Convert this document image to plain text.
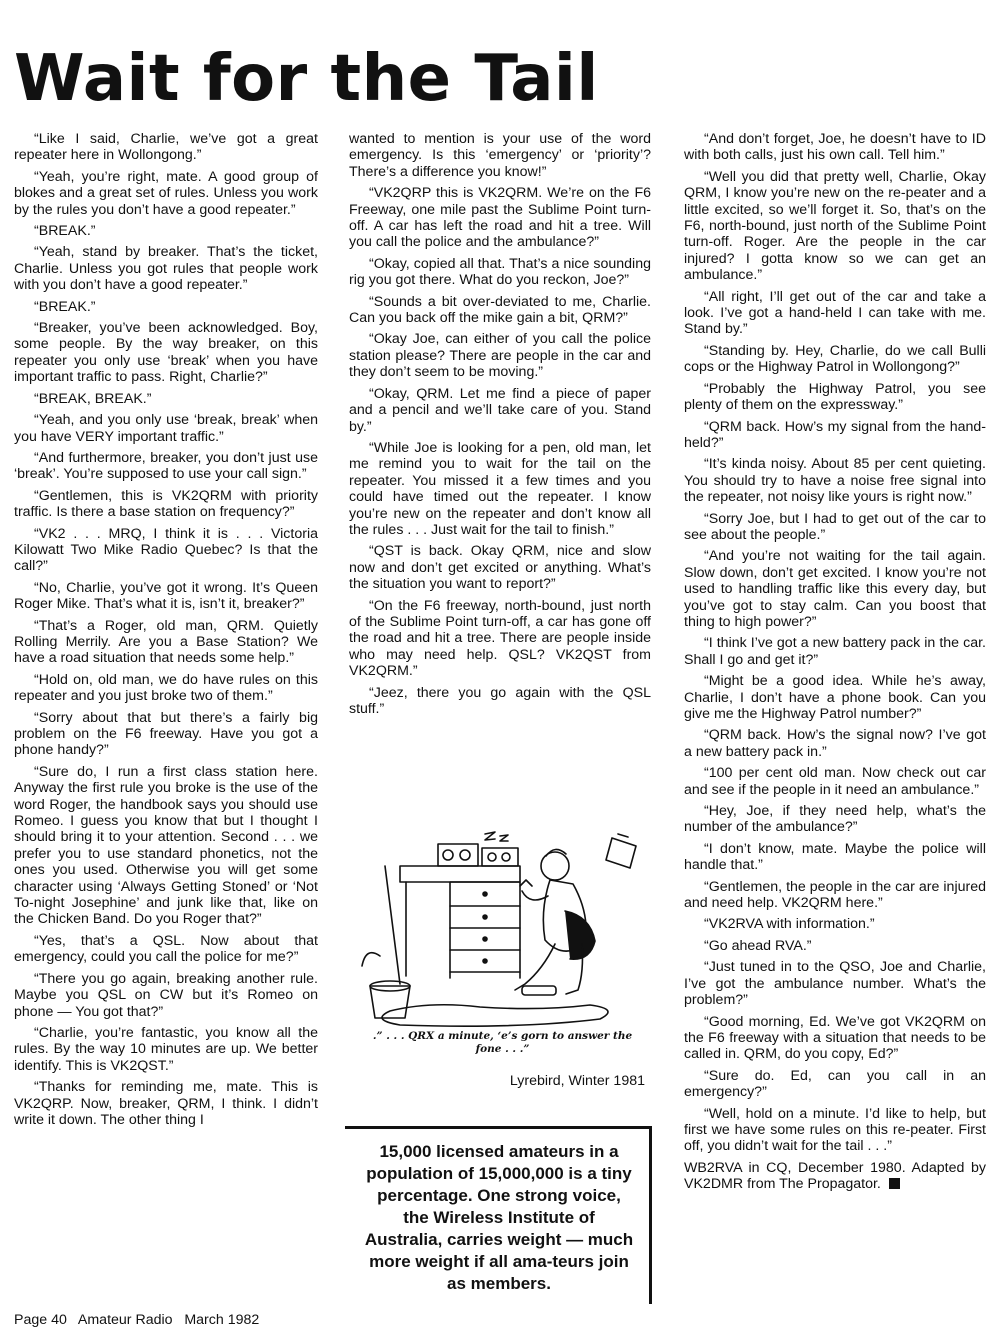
Wait for the Tail

“Like I said, Charlie, we’ve got a great repeater here in Wollongong.”

“Yeah, you’re right, mate. A good group of blokes and a great set of rules. Unless you work by the rules you don’t have a good repeater.”

“BREAK.”

“Yeah, stand by breaker. That’s the ticket, Charlie. Unless you got rules that people work with you don’t have a good repeater.”

“BREAK.”

“Breaker, you’ve been acknowledged. Boy, some people. By the way breaker, on this repeater you only use ‘break’ when you have important traffic to pass. Right, Charlie?”

“BREAK, BREAK.”

“Yeah, and you only use ‘break, break’ when you have VERY important traffic.”

“And furthermore, breaker, you don’t just use ‘break’. You’re supposed to use your call sign.”

“Gentlemen, this is VK2QRM with priority traffic. Is there a base station on frequency?”

“VK2 . . . MRQ, I think it is . . . Victoria Kilowatt Two Mike Radio Quebec? Is that the call?”

“No, Charlie, you’ve got it wrong. It’s Queen Roger Mike. That’s what it is, isn’t it, breaker?”

“That’s a Roger, old man, QRM. Quietly Rolling Merrily. Are you a Base Station? We have a road situation that needs some help.”

“Hold on, old man, we do have rules on this repeater and you just broke two of them.”

“Sorry about that but there’s a fairly big problem on the F6 freeway. Have you got a phone handy?”

“Sure do, I run a first class station here. Anyway the first rule you broke is the use of the word Roger, the handbook says you should use Romeo. I guess you know that but I thought I should bring it to your attention. Second . . . we prefer you to use standard phonetics, not the ones you used. Otherwise you will get some character using ‘Always Getting Stoned’ or ‘Not To-night Josephine’ and junk like that, like on the Chicken Band. Do you Roger that?”

“Yes, that’s a QSL. Now about that emergency, could you call the police for me?”

“There you go again, breaking another rule. Maybe you QSL on CW but it’s Romeo on phone — You got that?”

“Charlie, you’re fantastic, you know all the rules. By the way 10 minutes are up. We better identify. This is VK2QST.”

“Thanks for reminding me, mate. This is VK2QRP. Now, breaker, QRM, I think. I didn’t write it down. The other thing I

wanted to mention is your use of the word emergency. Is this ‘emergency’ or ‘priority’? There’s a difference you know!”

“VK2QRP this is VK2QRM. We’re on the F6 Freeway, one mile past the Sublime Point turn-off. A car has left the road and hit a tree. Will you call the police and the ambulance?”

“Okay, copied all that. That’s a nice sounding rig you got there. What do you reckon, Joe?”

“Sounds a bit over-deviated to me, Charlie. Can you back off the mike gain a bit, QRM?”

“Okay Joe, can either of you call the police station please? There are people in the car and they don’t seem to be moving.”

“Okay, QRM. Let me find a piece of paper and a pencil and we’ll take care of you. Stand by.”

“While Joe is looking for a pen, old man, let me remind you to wait for the tail on the repeater. You missed it a few times and you could have timed out the repeater. I know you’re new on the repeater and don’t know all the rules . . . Just wait for the tail to finish.”

“QST is back. Okay QRM, nice and slow now and don’t get excited or anything. What’s the situation you want to report?”

“On the F6 freeway, north-bound, just north of the Sublime Point turn-off, a car has gone off the road and hit a tree. There are people inside who may need help. QSL? VK2QST from VK2QRM.”

“Jeez, there you go again with the QSL stuff.”

“And don’t forget, Joe, he doesn’t have to ID with both calls, just his own call. Tell him.”

“Well you did that pretty well, Charlie, Okay QRM, I know you’re new on the re-peater and a little excited, so we’ll forget it. So, that’s on the F6, north-bound, just north of the Sublime Point turn-off. Roger. Are the people in the car injured? I gotta know so we can get an ambulance.”

“All right, I’ll get out of the car and take a look. I’ve got a hand-held I can take with me. Stand by.”

“Standing by. Hey, Charlie, do we call Bulli cops or the Highway Patrol in Wollongong?”

“Probably the Highway Patrol, you see plenty of them on the expressway.”

“QRM back. How’s my signal from the hand-held?”

“It’s kinda noisy. About 85 per cent quieting. You should try to have a noise free signal into the repeater, not noisy like yours is right now.”

“Sorry Joe, but I had to get out of the car to see about the people.”

“And you’re not waiting for the tail again. Slow down, don’t get excited. I know you’re not used to handling traffic like this every day, but you’ve got to stay calm. Can you boost that thing to high power?”

“I think I’ve got a new battery pack in the car. Shall I go and get it?”

“Might be a good idea. While he’s away, Charlie, I don’t have a phone book. Can you give me the Highway Patrol number?”

“QRM back. How’s the signal now? I’ve got a new battery pack in.”

“100 per cent old man. Now check out car and see if the people in it need an ambulance.”

“Hey, Joe, if they need help, what’s the number of the ambulance?”

“I don’t know, mate. Maybe the police will handle that.”

“Gentlemen, the people in the car are injured and need help. VK2QRM here.”

“VK2RVA with information.”

“Go ahead RVA.”

“Just tuned in to the QSO, Joe and Charlie, I’ve got the ambulance number. What’s the problem?”

“Good morning, Ed. We’ve got VK2QRM on the F6 freeway with a situation that needs to be called in. QRM, do you copy, Ed?”

“Sure do. Ed, can you call in an emergency?”

“Well, hold on a minute. I’d like to help, but first we have some rules on this re-peater. First off, you didn’t wait for the tail . . .”

WB2RVA in CQ, December 1980. Adapted by VK2DMR from The Propagator.

.” . . . QRX a minute, ‘e’s gorn to answer the fone . . .”
Lyrebird, Winter 1981
15,000 licensed amateurs in a population of 15,000,000 is a tiny percentage. One strong voice, the Wireless Institute of Australia, carries weight — much more weight if all ama-teurs join as members.
Page 40   Amateur Radio   March 1982
